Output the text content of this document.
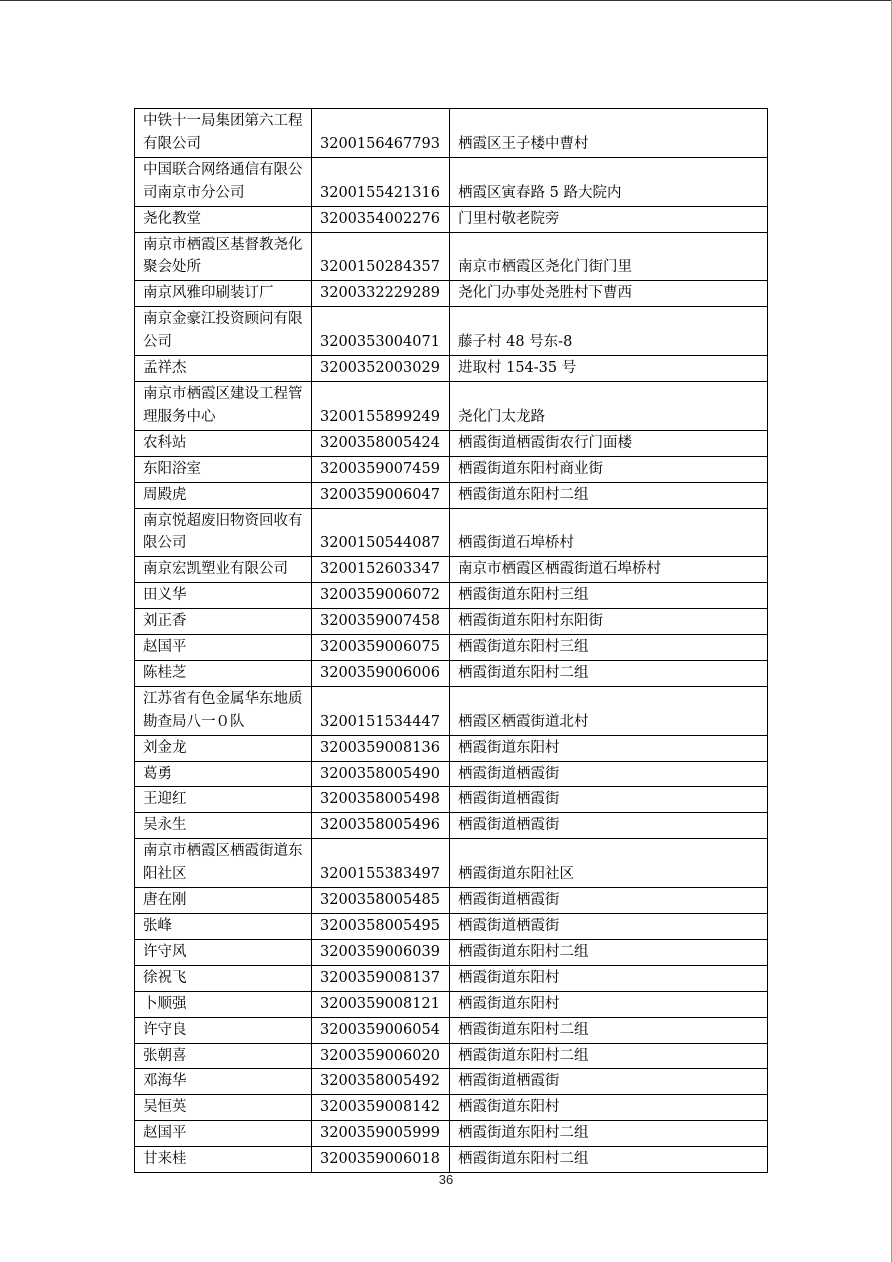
中铁十一局集团第六工程有限公司	3200156467793	栖霞区王子楼中曹村
中国联合网络通信有限公司南京市分公司	3200155421316	栖霞区寅春路 5 路大院内
尧化教堂	3200354002276	门里村敬老院旁
南京市栖霞区基督教尧化聚会处所	3200150284357	南京市栖霞区尧化门街门里
南京风雅印刷装订厂	3200332229289	尧化门办事处尧胜村下曹西
南京金豪江投资顾问有限公司	3200353004071	藤子村 48 号东-8
孟祥杰	3200352003029	进取村 154-35 号
南京市栖霞区建设工程管理服务中心	3200155899249	尧化门太龙路
农科站	3200358005424	栖霞街道栖霞街农行门面楼
东阳浴室	3200359007459	栖霞街道东阳村商业街
周殿虎	3200359006047	栖霞街道东阳村二组
南京悦超废旧物资回收有限公司	3200150544087	栖霞街道石埠桥村
南京宏凯塑业有限公司	3200152603347	南京市栖霞区栖霞街道石埠桥村
田义华	3200359006072	栖霞街道东阳村三组
刘正香	3200359007458	栖霞街道东阳村东阳街
赵国平	3200359006075	栖霞街道东阳村三组
陈桂芝	3200359006006	栖霞街道东阳村二组
江苏省有色金属华东地质勘查局八一０队	3200151534447	栖霞区栖霞街道北村
刘金龙	3200359008136	栖霞街道东阳村
葛勇	3200358005490	栖霞街道栖霞街
王迎红	3200358005498	栖霞街道栖霞街
吴永生	3200358005496	栖霞街道栖霞街
南京市栖霞区栖霞街道东阳社区	3200155383497	栖霞街道东阳社区
唐在刚	3200358005485	栖霞街道栖霞街
张峰	3200358005495	栖霞街道栖霞街
许守风	3200359006039	栖霞街道东阳村二组
徐祝飞	3200359008137	栖霞街道东阳村
卜顺强	3200359008121	栖霞街道东阳村
许守良	3200359006054	栖霞街道东阳村二组
张朝喜	3200359006020	栖霞街道东阳村二组
邓海华	3200358005492	栖霞街道栖霞街
吴恒英	3200359008142	栖霞街道东阳村
赵国平	3200359005999	栖霞街道东阳村二组
甘来桂	3200359006018	栖霞街道东阳村二组
36
